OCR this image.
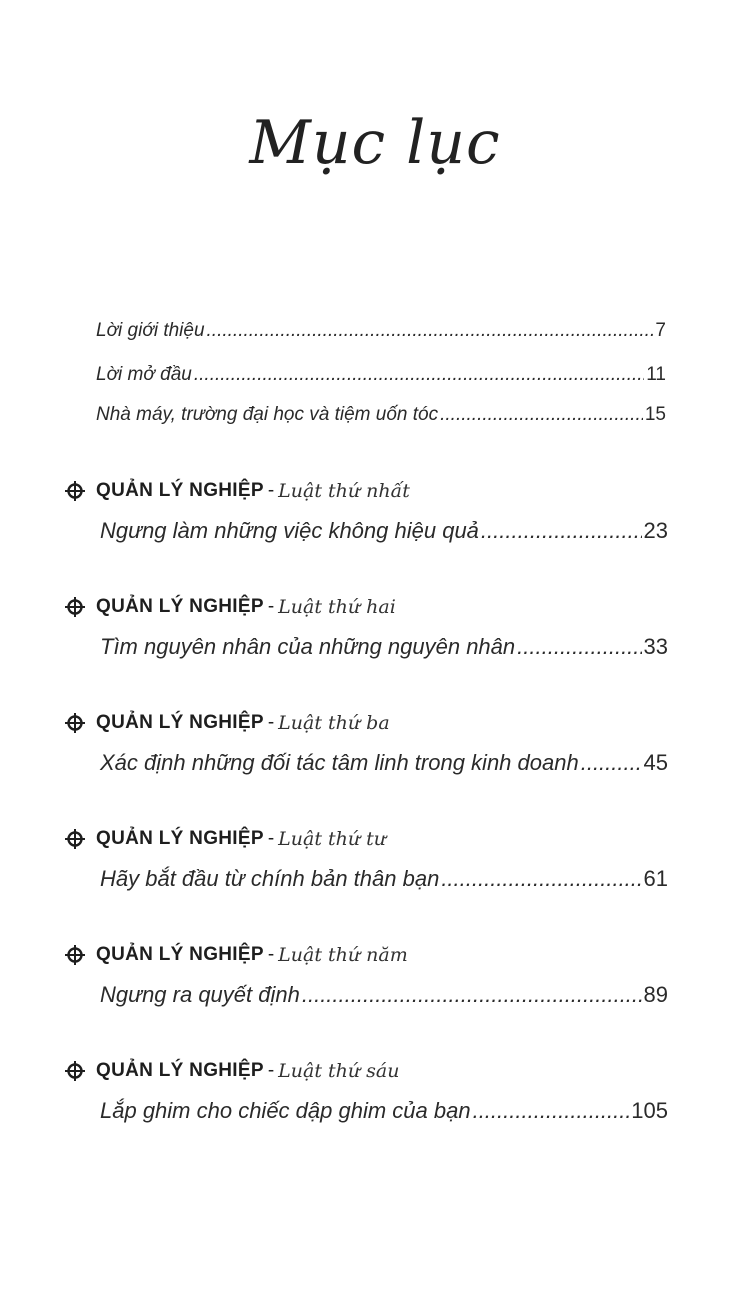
Mục lục
Lời giới thiệu .....	7
Lời mở đầu .....	11
Nhà máy, trường đại học và tiệm uốn tóc .....	15
QUẢN LÝ NGHIỆP - Luật thứ nhất
Ngưng làm những việc không hiệu quả .....	23
QUẢN LÝ NGHIỆP - Luật thứ hai
Tìm nguyên nhân của những nguyên nhân .....	33
QUẢN LÝ NGHIỆP - Luật thứ ba
Xác định những đối tác tâm linh trong kinh doanh .....	45
QUẢN LÝ NGHIỆP - Luật thứ tư
Hãy bắt đầu từ chính bản thân bạn .....	61
QUẢN LÝ NGHIỆP - Luật thứ năm
Ngưng ra quyết định .....	89
QUẢN LÝ NGHIỆP - Luật thứ sáu
Lắp ghim cho chiếc dập ghim của bạn .....	105
